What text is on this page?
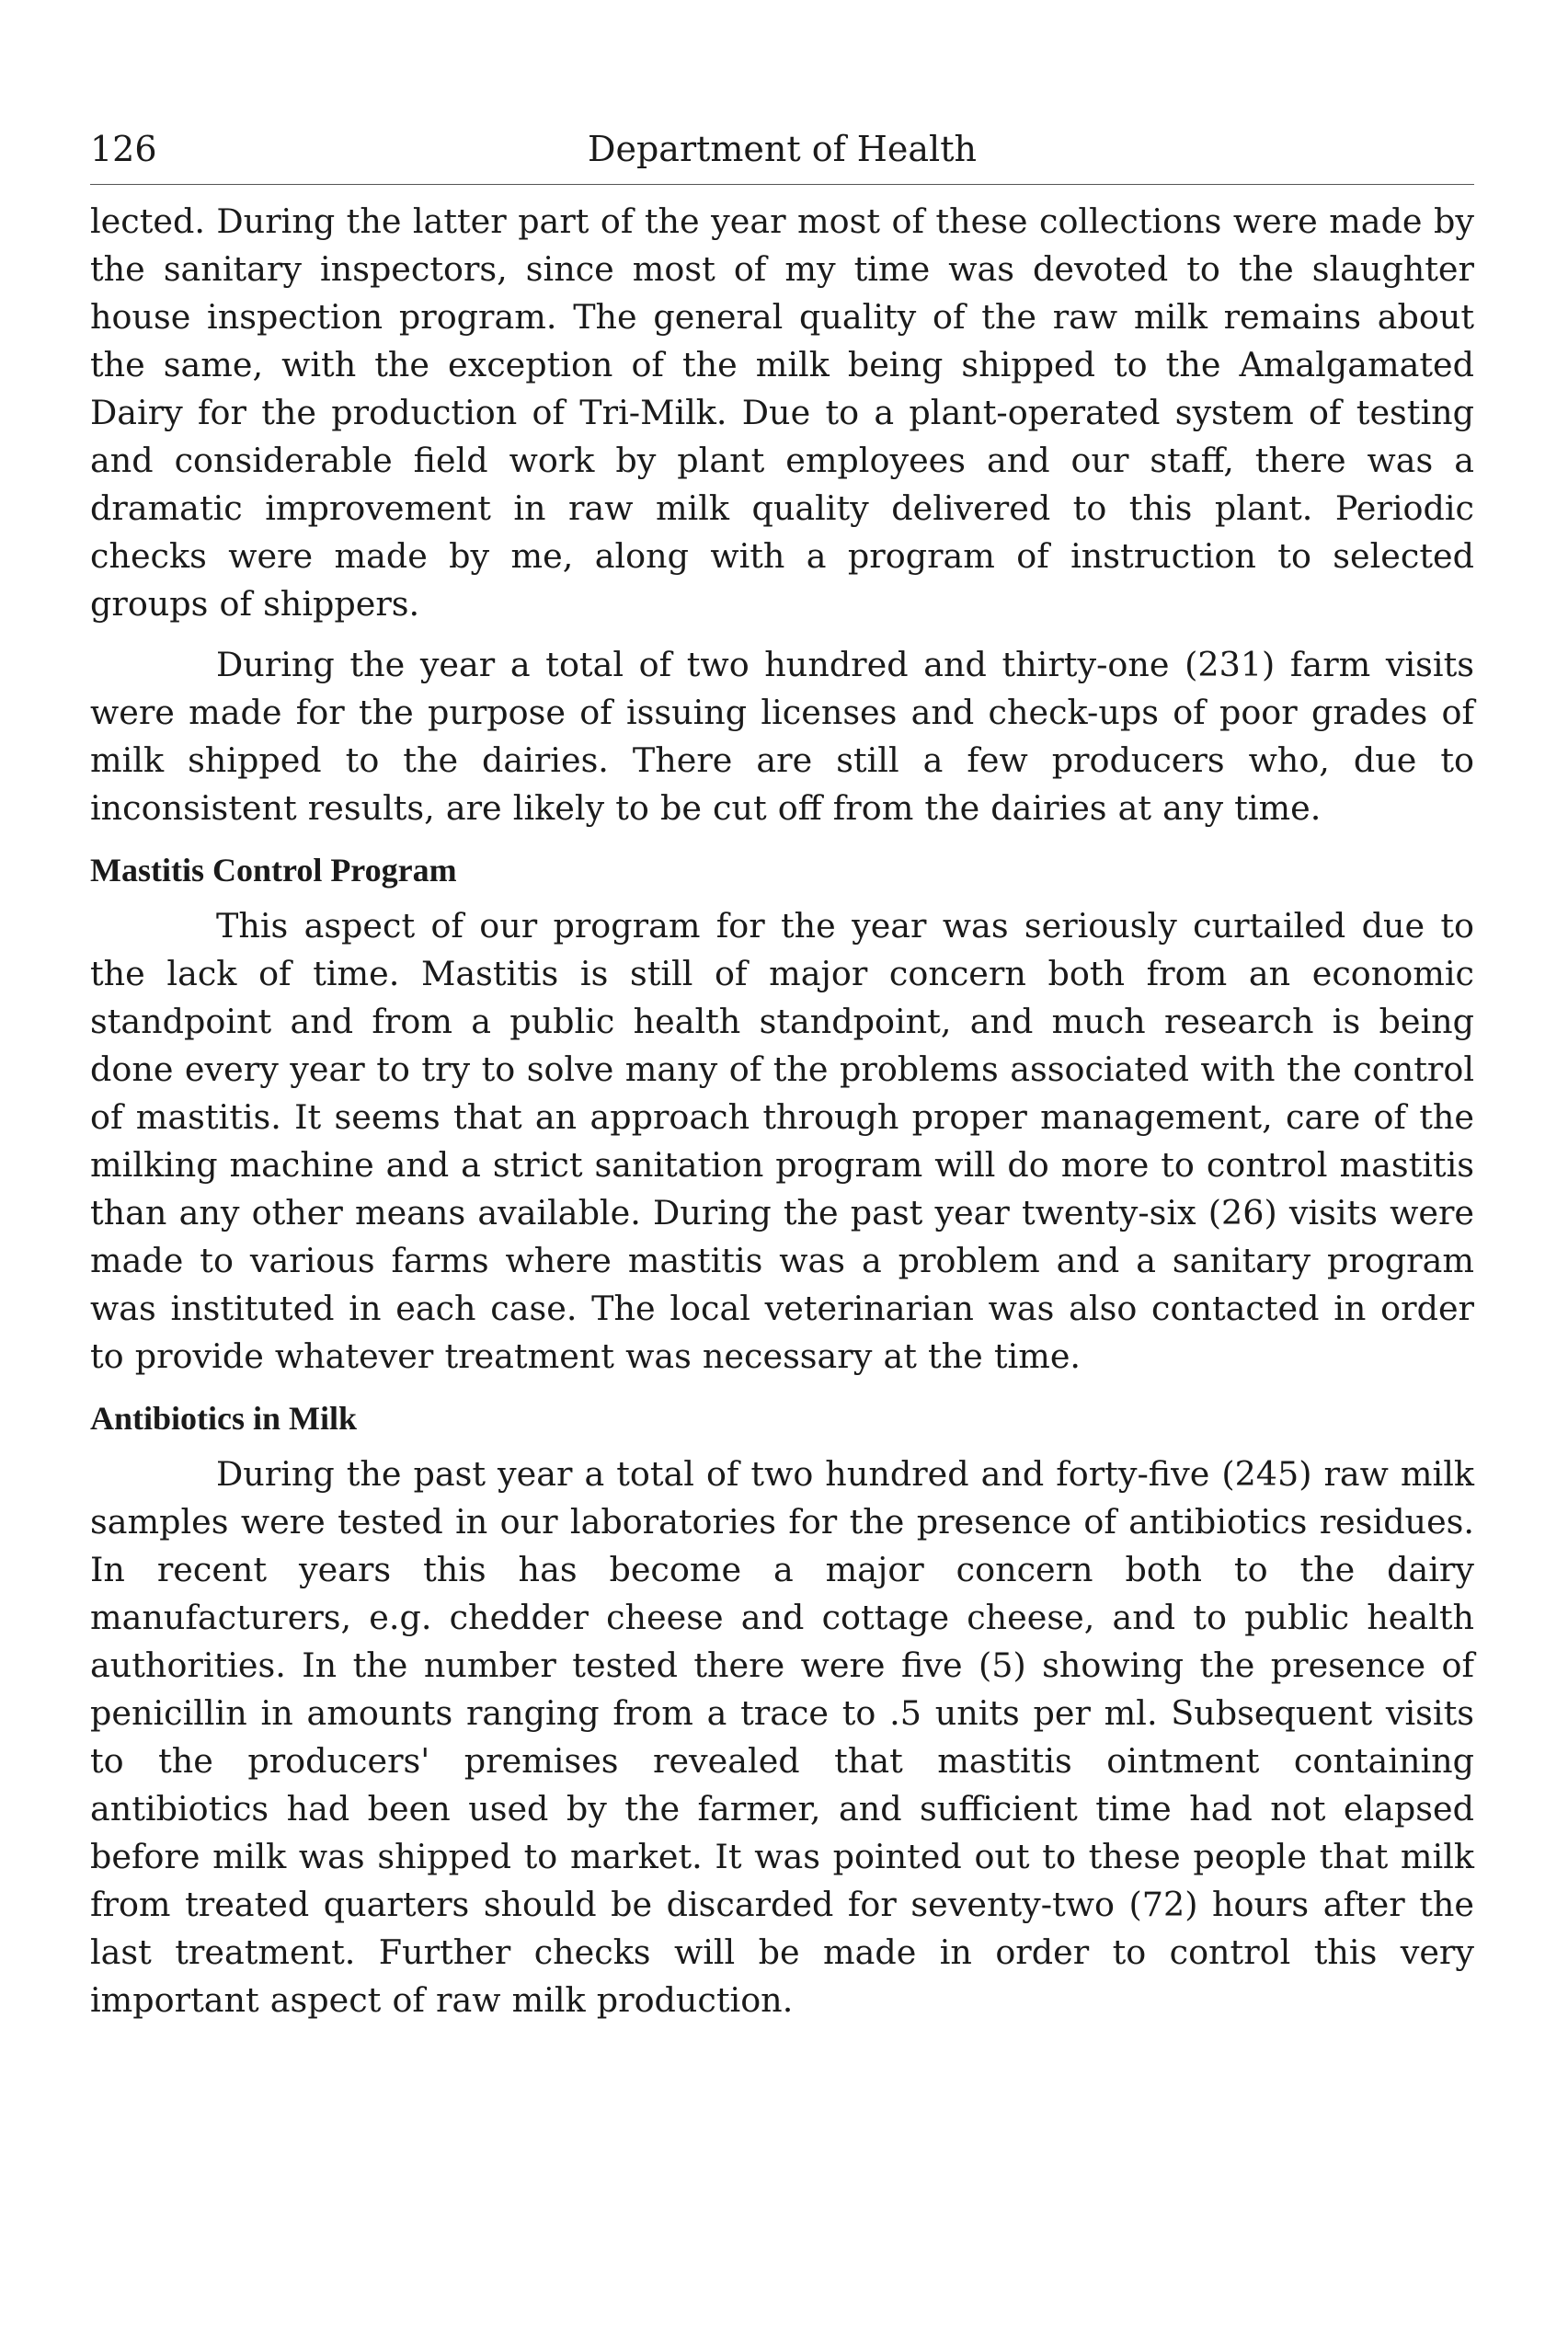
126	Department of Health

lected. During the latter part of the year most of these collections were made by the sanitary inspectors, since most of my time was devoted to the slaughter house inspection program. The general quality of the raw milk remains about the same, with the exception of the milk being shipped to the Amalgamated Dairy for the production of Tri-Milk. Due to a plant-operated system of testing and considerable field work by plant employees and our staff, there was a dramatic improvement in raw milk quality delivered to this plant. Periodic checks were made by me, along with a program of instruction to selected groups of shippers.

During the year a total of two hundred and thirty-one (231) farm visits were made for the purpose of issuing licenses and check-ups of poor grades of milk shipped to the dairies. There are still a few producers who, due to inconsistent results, are likely to be cut off from the dairies at any time.

Mastitis Control Program

This aspect of our program for the year was seriously curtailed due to the lack of time. Mastitis is still of major concern both from an economic standpoint and from a public health standpoint, and much research is being done every year to try to solve many of the problems associated with the control of mastitis. It seems that an approach through proper management, care of the milking machine and a strict sanitation program will do more to control mastitis than any other means available. During the past year twenty-six (26) visits were made to various farms where mastitis was a problem and a sanitary program was instituted in each case. The local veterinarian was also contacted in order to provide whatever treatment was necessary at the time.

Antibiotics in Milk

During the past year a total of two hundred and forty-five (245) raw milk samples were tested in our laboratories for the presence of antibiotics residues. In recent years this has become a major concern both to the dairy manufacturers, e.g. chedder cheese and cottage cheese, and to public health authorities. In the number tested there were five (5) showing the presence of penicillin in amounts ranging from a trace to .5 units per ml. Subsequent visits to the producers' premises revealed that mastitis ointment containing antibiotics had been used by the farmer, and sufficient time had not elapsed before milk was shipped to market. It was pointed out to these people that milk from treated quarters should be discarded for seventy-two (72) hours after the last treatment. Further checks will be made in order to control this very important aspect of raw milk production.
